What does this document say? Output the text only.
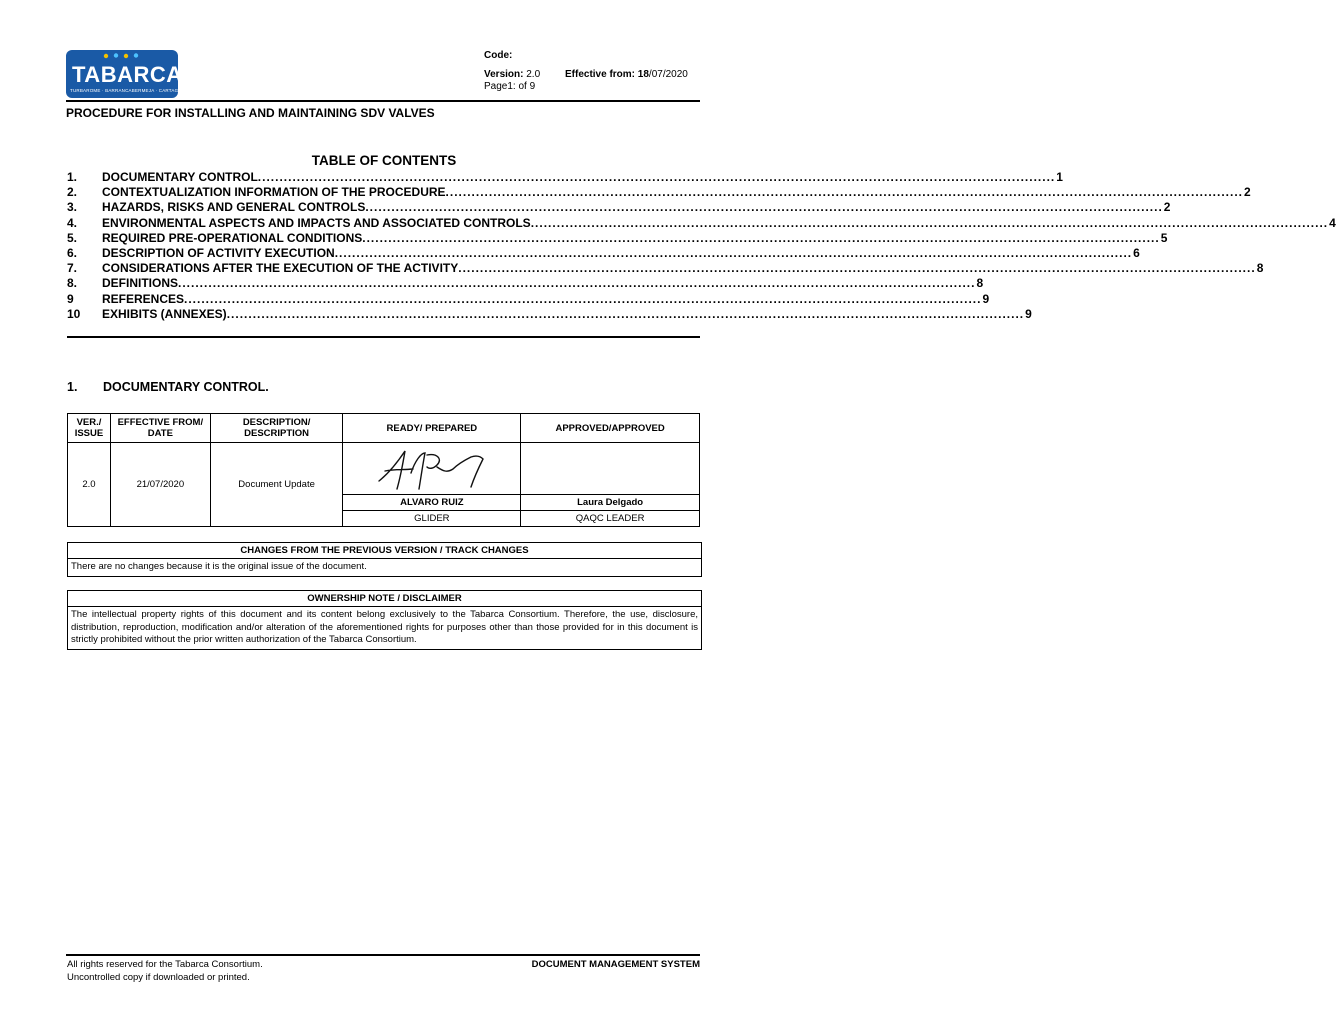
TABARCA
TURBAROME · BARRANCABERMEJA · CARTAGENA
Code:
Version: 2.0 Effective from: 18/07/2020
Page1: of 9
PROCEDURE FOR INSTALLING AND MAINTAINING SDV VALVES
TABLE OF CONTENTS
1.	DOCUMENTARY CONTROL .....	1
2.	CONTEXTUALIZATION INFORMATION OF THE PROCEDURE .....	2
3.	HAZARDS, RISKS AND GENERAL CONTROLS .....	2
4.	ENVIRONMENTAL ASPECTS AND IMPACTS AND ASSOCIATED CONTROLS .....	4
5.	REQUIRED PRE-OPERATIONAL CONDITIONS .....	5
6.	DESCRIPTION OF ACTIVITY EXECUTION .....	6
7.	CONSIDERATIONS AFTER THE EXECUTION OF THE ACTIVITY .....	8
8.	DEFINITIONS .....	8
9	REFERENCES .....	9
10	EXHIBITS (ANNEXES) .....	9
1. DOCUMENTARY CONTROL.
VER./ ISSUE	EFFECTIVE FROM/ DATE	DESCRIPTION/ DESCRIPTION	READY/ PREPARED	APPROVED/APPROVED
2.0	21/07/2020	Document Update		
			ALVARO RUIZ	Laura Delgado
			GLIDER	QAQC LEADER
CHANGES FROM THE PREVIOUS VERSION / TRACK CHANGES
There are no changes because it is the original issue of the document.
OWNERSHIP NOTE / DISCLAIMER
The intellectual property rights of this document and its content belong exclusively to the Tabarca Consortium. Therefore, the use, disclosure, distribution, reproduction, modification and/or alteration of the aforementioned rights for purposes other than those provided for in this document is strictly prohibited without the prior written authorization of the Tabarca Consortium.
All rights reserved for the Tabarca Consortium.
Uncontrolled copy if downloaded or printed.
DOCUMENT MANAGEMENT SYSTEM
